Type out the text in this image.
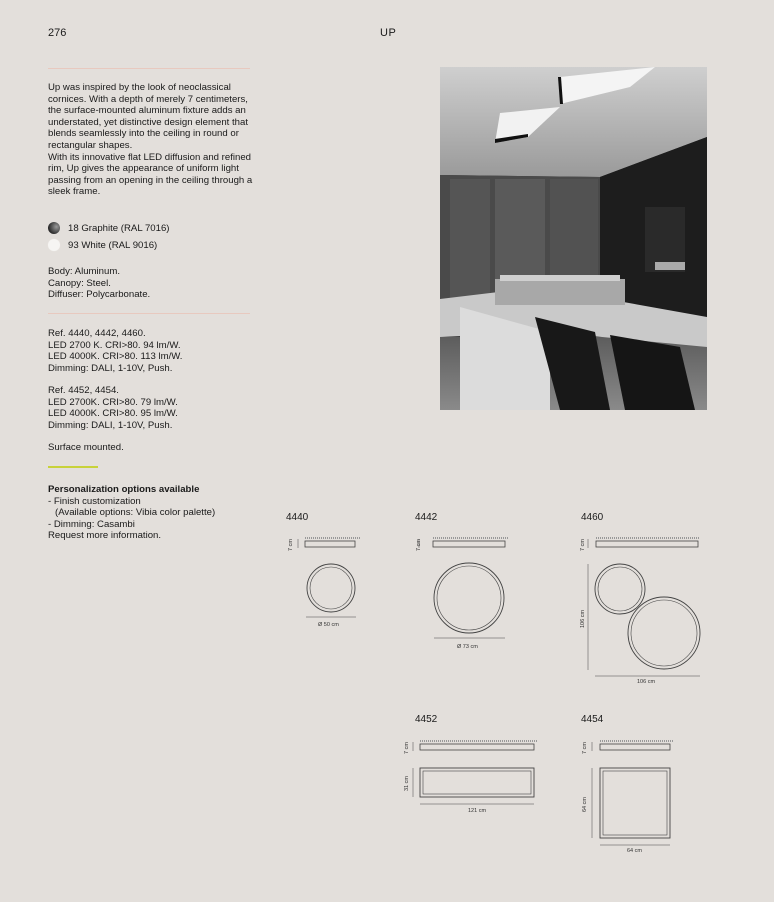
276	UP

Up was inspired by the look of neoclassical cornices. With a depth of merely 7 centimeters, the surface-mounted aluminum fixture adds an understated, yet distinctive design element that blends seamlessly into the ceiling in round or rectangular shapes.

With its innovative flat LED diffusion and refined rim, Up gives the appearance of uniform light passing from an opening in the ceiling through a sleek frame.

18 Graphite (RAL 7016)
93 White (RAL 9016)

Body: Aluminum.

Canopy: Steel.

Diffuser: Polycarbonate.

Ref. 4440, 4442, 4460.

LED 2700 K. CRI>80. 94 lm/W.

LED 4000K. CRI>80. 113 lm/W.

Dimming: DALI, 1-10V, Push.

Ref. 4452, 4454.

LED 2700K. CRI>80. 79 lm/W.

LED 4000K. CRI>80. 95 lm/W.

Dimming: DALI, 1-10V, Push.

Surface mounted.

Personalization options available

- Finish customization

(Available options: Vibia color palette)

- Dimming: Casambi

Request more information.

4440	4442	4460
4452	4454
7 cm
Ø 50 cm
7 cm
Ø 73 cm
7 cm
106 cm
106 cm
7 cm
31 cm
121 cm
7 cm
64 cm
64 cm
